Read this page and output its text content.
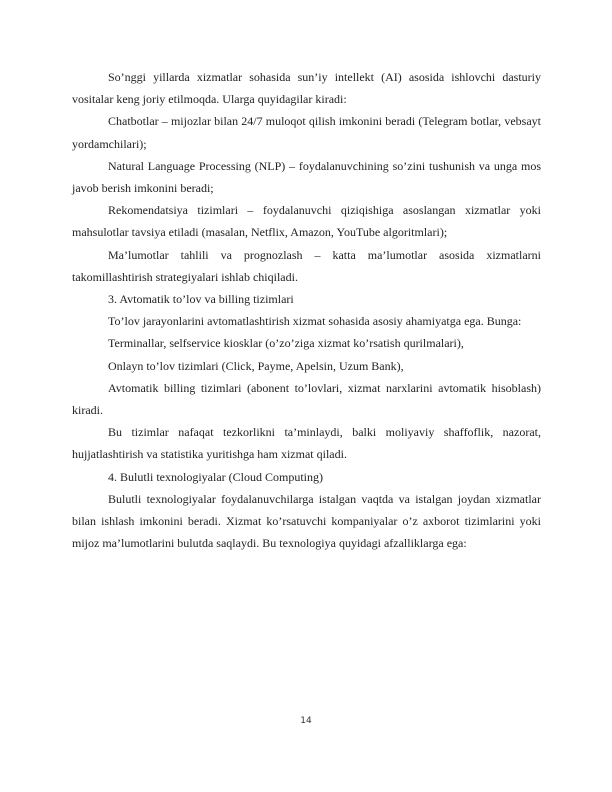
So’nggi yillarda xizmatlar sohasida sun’iy intellekt (AI) asosida ishlovchi dasturiy vositalar keng joriy etilmoqda. Ularga quyidagilar kiradi:

Chatbotlar – mijozlar bilan 24/7 muloqot qilish imkonini beradi (Telegram botlar, vebsayt yordamchilari);

Natural Language Processing (NLP) – foydalanuvchining so’zini tushunish va unga mos javob berish imkonini beradi;

Rekomendatsiya tizimlari – foydalanuvchi qiziqishiga asoslangan xizmatlar yoki mahsulotlar tavsiya etiladi (masalan, Netflix, Amazon, YouTube algoritmlari);

Ma’lumotlar tahlili va prognozlash – katta ma’lumotlar asosida xizmatlarni takomillashtirish strategiyalari ishlab chiqiladi.

3. Avtomatik to’lov va billing tizimlari

To’lov jarayonlarini avtomatlashtirish xizmat sohasida asosiy ahamiyatga ega. Bunga:

Terminallar, selfservice kiosklar (o’zo’ziga xizmat ko’rsatish qurilmalari),

Onlayn to’lov tizimlari (Click, Payme, Apelsin, Uzum Bank),

Avtomatik billing tizimlari (abonent to’lovlari, xizmat narxlarini avtomatik hisoblash) kiradi.

Bu tizimlar nafaqat tezkorlikni ta’minlaydi, balki moliyaviy shaffoflik, nazorat, hujjatlashtirish va statistika yuritishga ham xizmat qiladi.

4. Bulutli texnologiyalar (Cloud Computing)

Bulutli texnologiyalar foydalanuvchilarga istalgan vaqtda va istalgan joydan xizmatlar bilan ishlash imkonini beradi. Xizmat ko’rsatuvchi kompaniyalar o’z axborot tizimlarini yoki mijoz ma’lumotlarini bulutda saqlaydi. Bu texnologiya quyidagi afzalliklarga ega:

14
